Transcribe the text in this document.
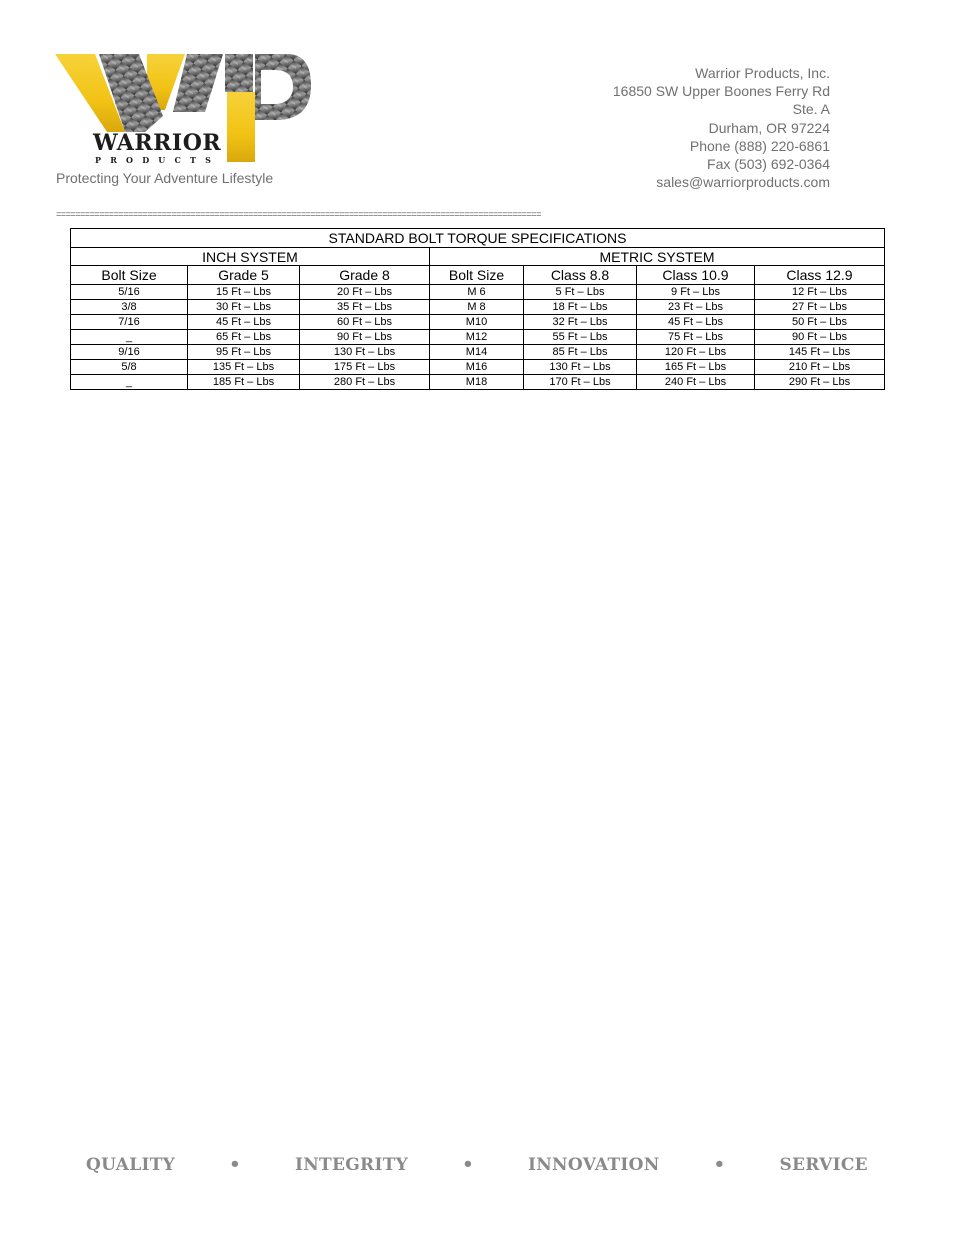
WARRIOR
P R O D U C T S
Protecting Your Adventure Lifestyle
Warrior Products, Inc.
16850 SW Upper Boones Ferry Rd
Ste. A
Durham, OR 97224
Phone (888) 220-6861
Fax (503) 692-0364
sales@warriorproducts.com
=====================================================================================================
STANDARD BOLT TORQUE SPECIFICATIONS						
INCH SYSTEM			METRIC SYSTEM			
Bolt Size	Grade 5	Grade 8	Bolt Size	Class 8.8	Class 10.9	Class 12.9
5/16	15 Ft – Lbs	20 Ft – Lbs	M 6	5 Ft – Lbs	9 Ft – Lbs	12 Ft – Lbs
3/8	30 Ft – Lbs	35 Ft – Lbs	M 8	18 Ft – Lbs	23 Ft – Lbs	27 Ft – Lbs
7/16	45 Ft – Lbs	60 Ft – Lbs	M10	32 Ft – Lbs	45 Ft – Lbs	50 Ft – Lbs
_	65 Ft – Lbs	90 Ft – Lbs	M12	55 Ft – Lbs	75 Ft – Lbs	90 Ft – Lbs
9/16	95 Ft – Lbs	130 Ft – Lbs	M14	85 Ft – Lbs	120 Ft – Lbs	145 Ft – Lbs
5/8	135 Ft – Lbs	175 Ft – Lbs	M16	130 Ft – Lbs	165 Ft – Lbs	210 Ft – Lbs
_	185 Ft – Lbs	280 Ft – Lbs	M18	170 Ft – Lbs	240 Ft – Lbs	290 Ft – Lbs
QUALITY	•	INTEGRITY	•	INNOVATION	•	SERVICE
